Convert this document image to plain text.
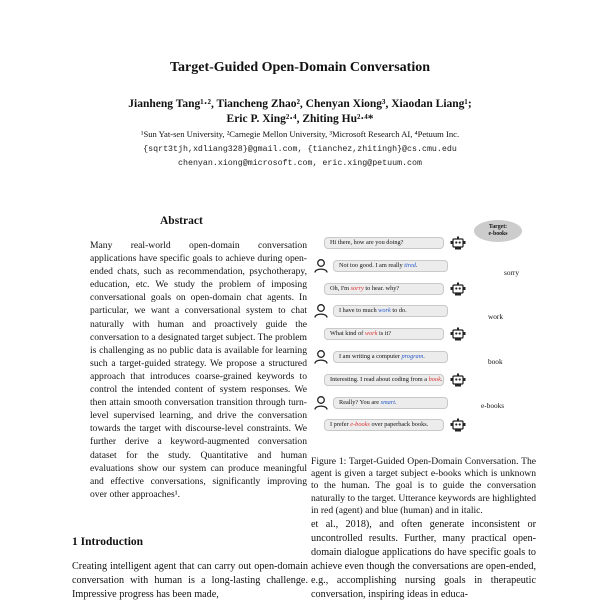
Target-Guided Open-Domain Conversation
Jianheng Tang¹·², Tiancheng Zhao², Chenyan Xiong³, Xiaodan Liang¹;
Eric P. Xing²·⁴, Zhiting Hu²·⁴*
¹Sun Yat-sen University, ²Carnegie Mellon University, ³Microsoft Research AI, ⁴Petuum Inc.
{sqrt3tjh,xdliang328}@gmail.com, {tianchez,zhitingh}@cs.cmu.edu
chenyan.xiong@microsoft.com, eric.xing@petuum.com
Abstract
Many real-world open-domain conversation applications have specific goals to achieve during open-ended chats, such as recommendation, psychotherapy, education, etc. We study the problem of imposing conversational goals on open-domain chat agents. In particular, we want a conversational system to chat naturally with human and proactively guide the conversation to a designated target subject. The problem is challenging as no public data is available for learning such a target-guided strategy. We propose a structured approach that introduces coarse-grained keywords to control the intended content of system responses. We then attain smooth conversation transition through turn-level supervised learning, and drive the conversation towards the target with discourse-level constraints. We further derive a keyword-augmented conversation dataset for the study. Quantitative and human evaluations show our system can produce meaningful and effective conversations, significantly improving over other approaches¹.
1 Introduction
Creating intelligent agent that can carry out open-domain conversation with human is a long-lasting challenge. Impressive progress has been made,
Target:
e-books
Hi there, how are you doing?
Not too good. I am really tired.
Oh, I'm sorry to hear. why?
I have to much work to do.
What kind of work is it?
I am writing a computer program.
Interesting. I read about coding from a book.
Really? You are smart.
I prefer e-books over paperback books.
sorry
work
book
e-books
Figure 1: Target-Guided Open-Domain Conversation. The agent is given a target subject e-books which is unknown to the human. The goal is to guide the conversation naturally to the target. Utterance keywords are highlighted in red (agent) and blue (human) and in italic.
et al., 2018), and often generate inconsistent or uncontrolled results. Further, many practical open-domain dialogue applications do have specific goals to achieve even though the conversations are open-ended, e.g., accomplishing nursing goals in therapeutic conversation, inspiring ideas in educa-
